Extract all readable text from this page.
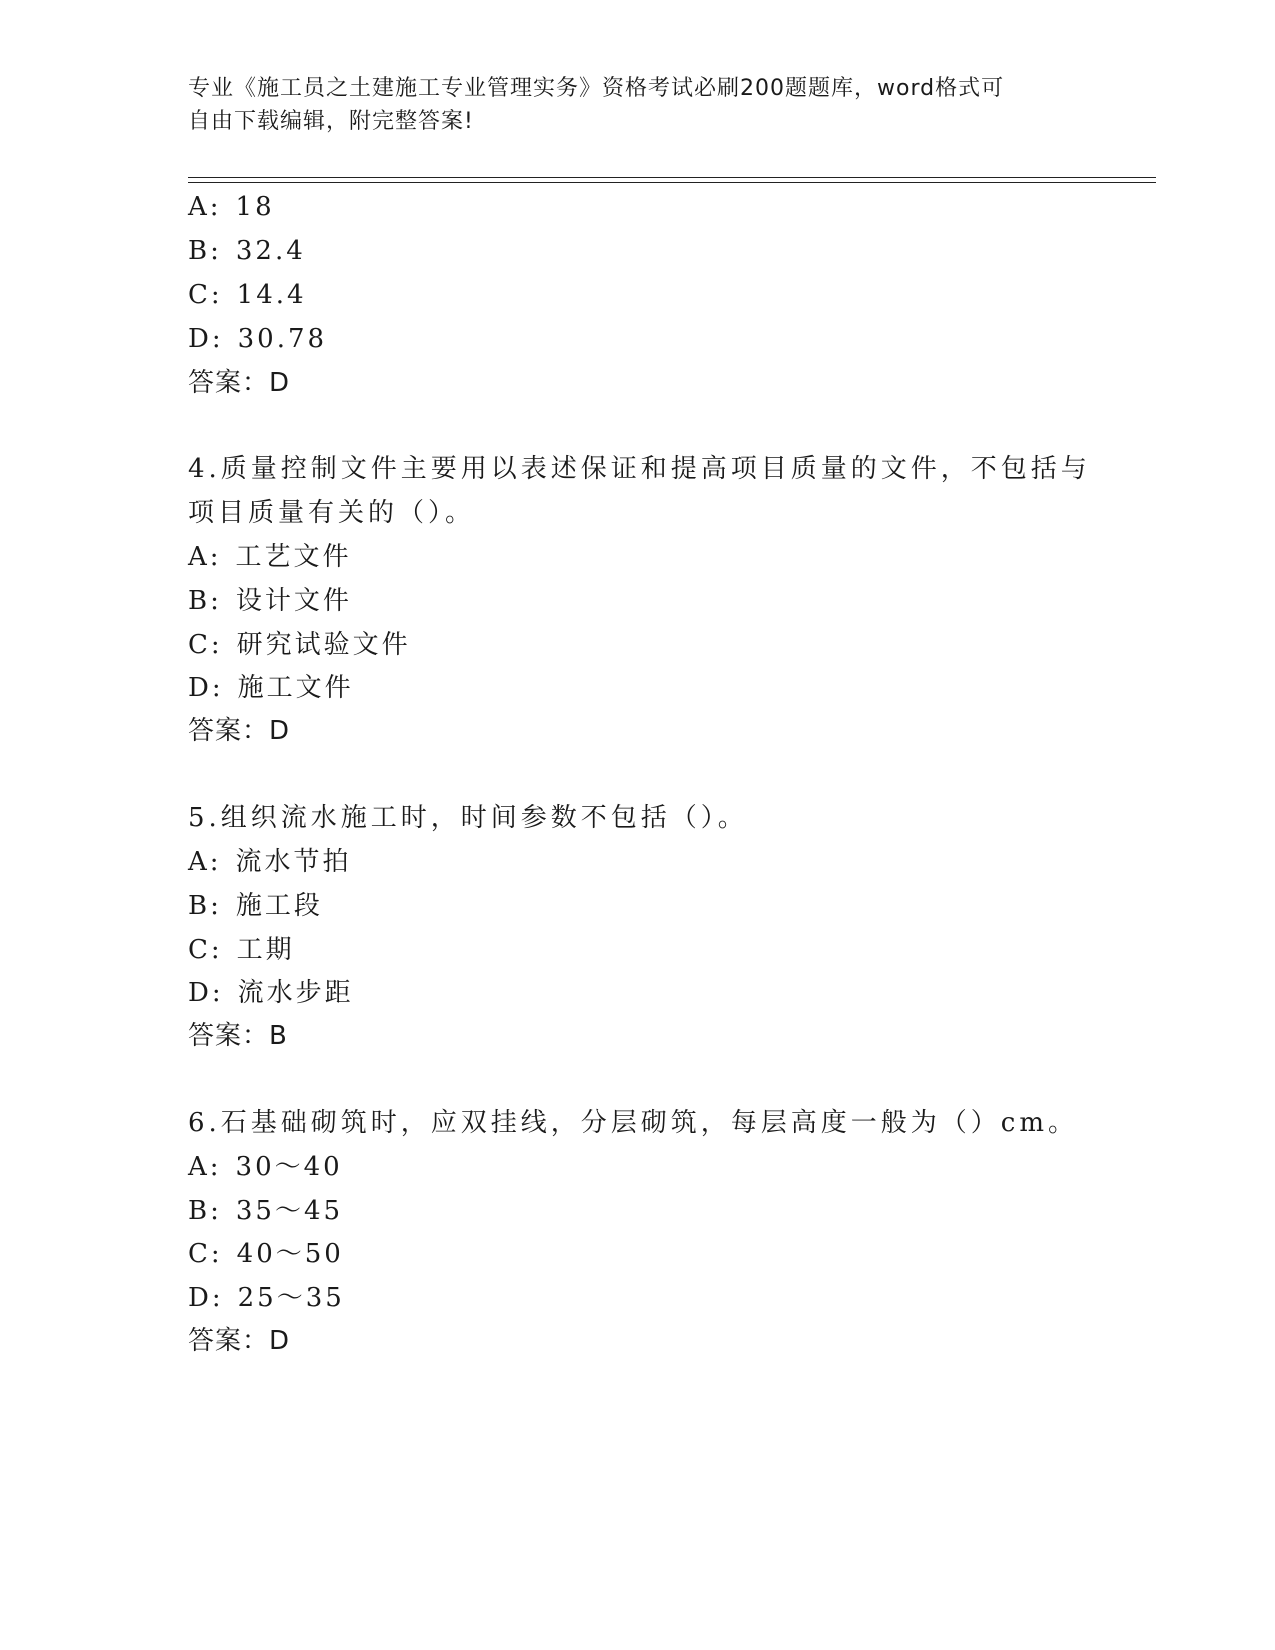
专业《施工员之土建施工专业管理实务》资格考试必刷200题题库，word格式可
自由下载编辑，附完整答案!
A: 18
B: 32.4
C: 14.4
D: 30.78
答案：D
4.质量控制文件主要用以表述保证和提高项目质量的文件，不包括与
项目质量有关的（）。
A: 工艺文件
B: 设计文件
C: 研究试验文件
D: 施工文件
答案：D
5.组织流水施工时，时间参数不包括（）。
A: 流水节拍
B: 施工段
C: 工期
D: 流水步距
答案：B
6.石基础砌筑时，应双挂线，分层砌筑，每层高度一般为（）cm。
A: 30～40
B: 35～45
C: 40～50
D: 25～35
答案：D
